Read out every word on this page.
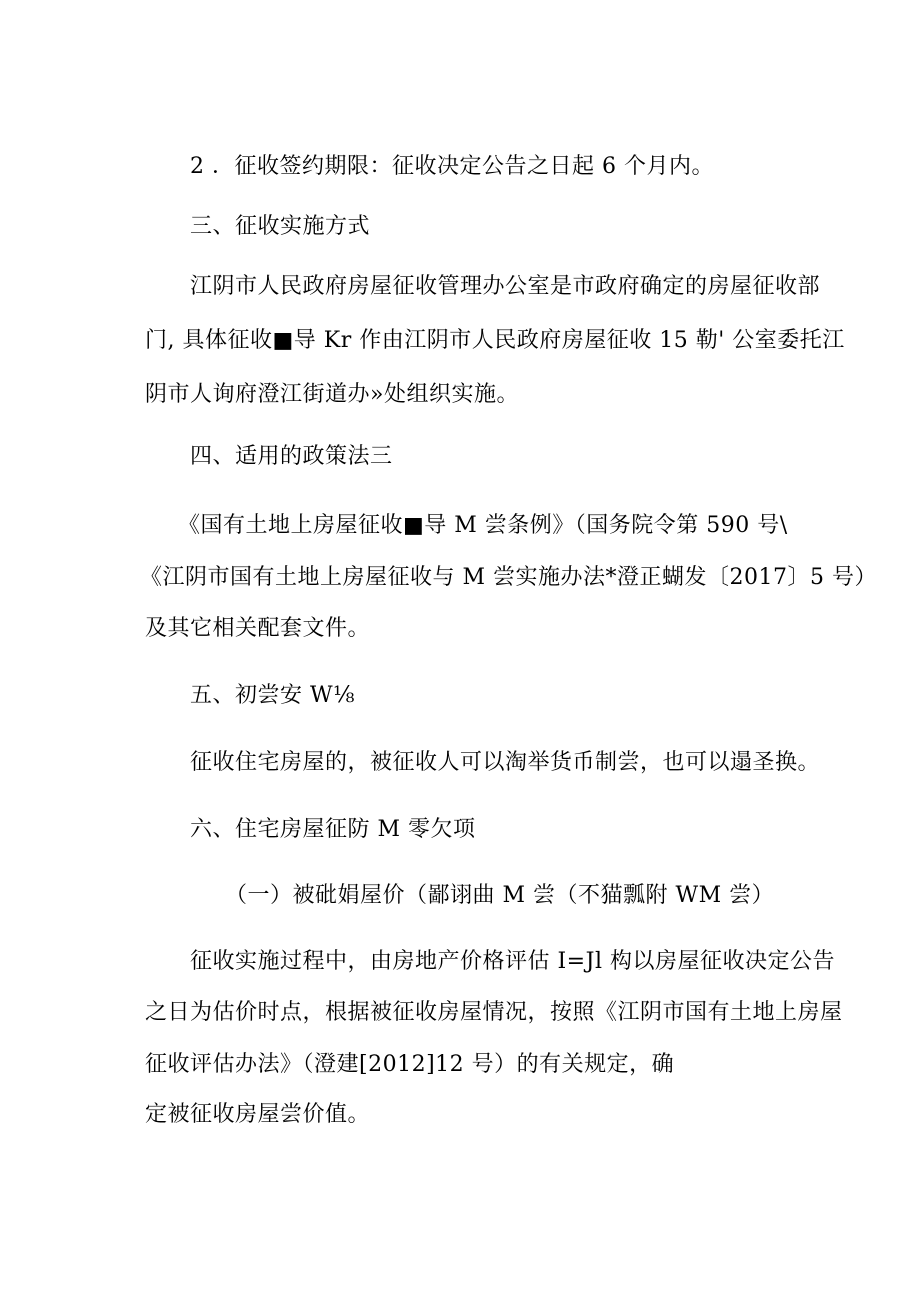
2 ．征收签约期限：征收决定公告之日起 6 个月内。
三、征收实施方式
江阴市人民政府房屋征收管理办公室是市政府确定的房屋征收部
门, 具体征收■导 Kr 作由江阴市人民政府房屋征收 15 勒' 公室委托江
阴市人询府澄江街道办»处组织实施。
四、适用的政策法三
《国有土地上房屋征收■导 M 尝条例》（国务院令第 590 号\
《江阴市国有土地上房屋征收与 M 尝实施办法*澄正蝴发〔2017〕5 号）
及其它相关配套文件。
五、初尝安 W⅛
征收住宅房屋的，被征收人可以淘举货币制尝，也可以遢圣换。
六、住宅房屋征防 M 零欠项
（一）被砒娟屋价（鄙诩曲 M 尝（不猫瓢附 WM 尝）
征收实施过程中，由房地产价格评估 I=Jl 构以房屋征收决定公告
之日为估价时点，根据被征收房屋情况，按照《江阴市国有土地上房屋
征收评估办法》（澄建[2012]12 号）的有关规定，确
定被征收房屋尝价值。
